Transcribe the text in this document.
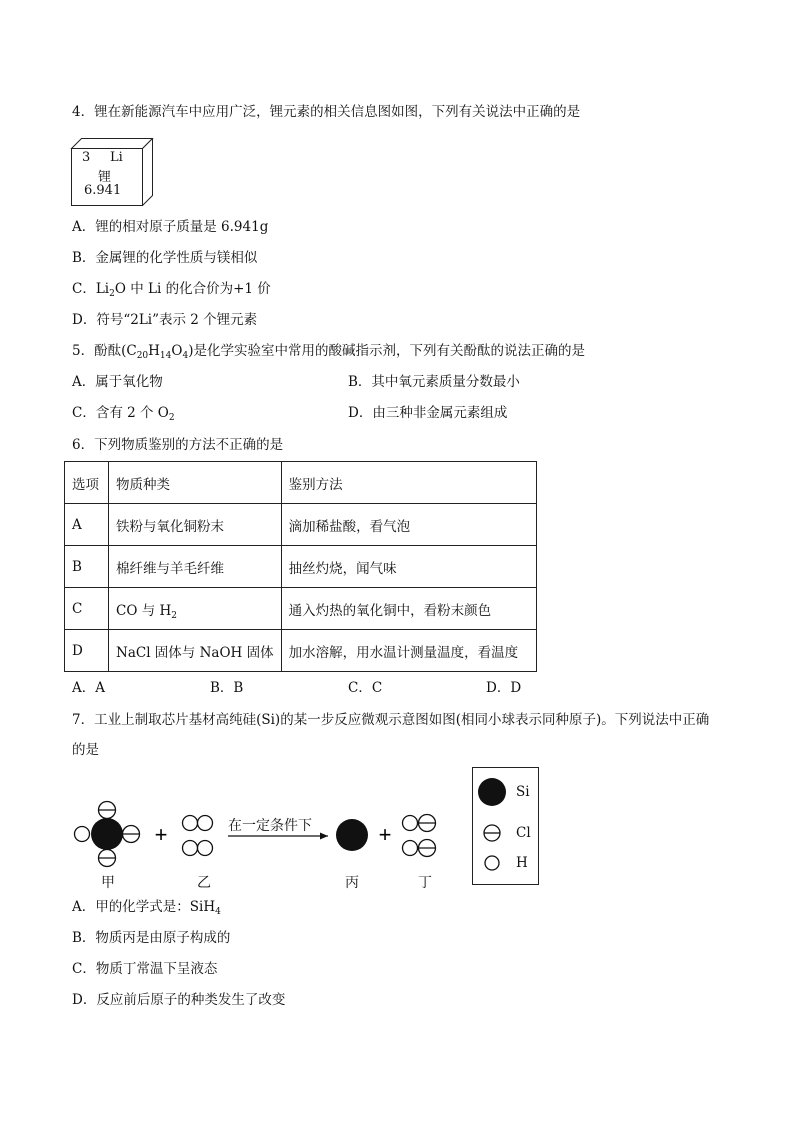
4．锂在新能源汽车中应用广泛，锂元素的相关信息图如图，下列有关说法中正确的是
3 Li
锂
6.941
A．锂的相对原子质量是 6.941g
B．金属锂的化学性质与镁相似
C．$Li_2O$ 中 Li 的化合价为+1 价
D．符号“2Li”表示 2 个锂元素
5．酚酞$(C_{20}H_{14}O_4)$是化学实验室中常用的酸碱指示剂，下列有关酚酞的说法正确的是
A．属于氧化物	B．其中氧元素质量分数最小
C．含有 2 个 $O_2$	D．由三种非金属元素组成
6．下列物质鉴别的方法不正确的是
选项	物质种类	鉴别方法
A	铁粉与氧化铜粉末	滴加稀盐酸，看气泡
B	棉纤维与羊毛纤维	抽丝灼烧，闻气味
C	CO 与 $H_2$	通入灼热的氧化铜中，看粉末颜色
D	NaCl 固体与 NaOH 固体	加水溶解，用水温计测量温度，看温度
A．A	B．B	C．C	D．D
7．工业上制取芯片基材高纯硅(Si)的某一步反应微观示意图如图(相同小球表示同种原子)。下列说法中正确
的是
+	+
在一定条件下
甲	乙	丙	丁
Si
Cl
H
A．甲的化学式是：SiH$_4$
B．物质丙是由原子构成的
C．物质丁常温下呈液态
D．反应前后原子的种类发生了改变
